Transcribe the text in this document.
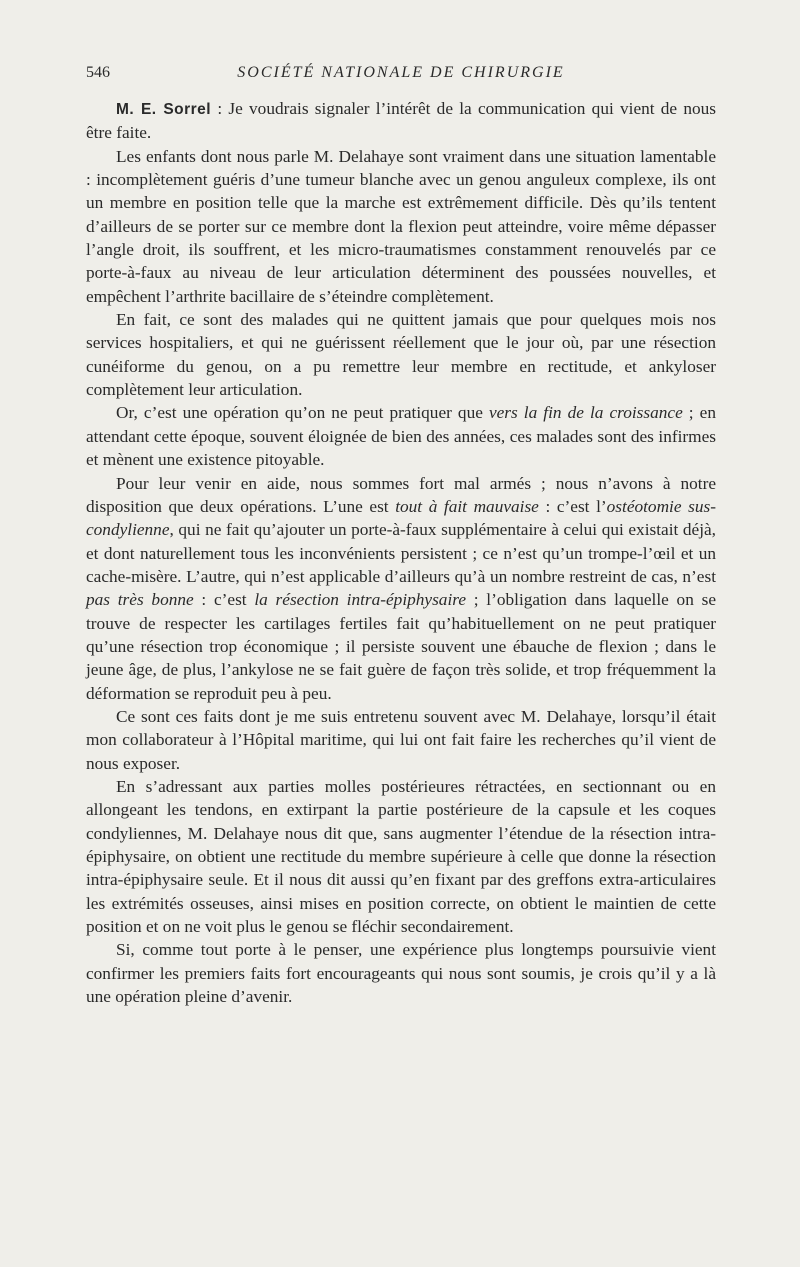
546	SOCIÉTÉ NATIONALE DE CHIRURGIE

M. E. Sorrel : Je voudrais signaler l’intérêt de la communication qui vient de nous être faite.

Les enfants dont nous parle M. Delahaye sont vraiment dans une situation lamentable : incomplètement guéris d’une tumeur blanche avec un genou anguleux complexe, ils ont un membre en position telle que la marche est extrêmement difficile. Dès qu’ils tentent d’ailleurs de se porter sur ce membre dont la flexion peut atteindre, voire même dépasser l’angle droit, ils souffrent, et les micro-traumatismes constamment renouvelés par ce porte-à-faux au niveau de leur articulation déterminent des poussées nouvelles, et empêchent l’arthrite bacillaire de s’éteindre complètement.

En fait, ce sont des malades qui ne quittent jamais que pour quelques mois nos services hospitaliers, et qui ne guérissent réellement que le jour où, par une résection cunéiforme du genou, on a pu remettre leur membre en rectitude, et ankyloser complètement leur articulation.

Or, c’est une opération qu’on ne peut pratiquer que vers la fin de la croissance ; en attendant cette époque, souvent éloignée de bien des années, ces malades sont des infirmes et mènent une existence pitoyable.

Pour leur venir en aide, nous sommes fort mal armés ; nous n’avons à notre disposition que deux opérations. L’une est tout à fait mauvaise : c’est l’ostéotomie sus-condylienne, qui ne fait qu’ajouter un porte-à-faux supplémentaire à celui qui existait déjà, et dont naturellement tous les inconvénients persistent ; ce n’est qu’un trompe-l’œil et un cache-misère. L’autre, qui n’est applicable d’ailleurs qu’à un nombre restreint de cas, n’est pas très bonne : c’est la résection intra-épiphysaire ; l’obligation dans laquelle on se trouve de respecter les cartilages fertiles fait qu’habituellement on ne peut pratiquer qu’une résection trop économique ; il persiste souvent une ébauche de flexion ; dans le jeune âge, de plus, l’ankylose ne se fait guère de façon très solide, et trop fréquemment la déformation se reproduit peu à peu.

Ce sont ces faits dont je me suis entretenu souvent avec M. Delahaye, lorsqu’il était mon collaborateur à l’Hôpital maritime, qui lui ont fait faire les recherches qu’il vient de nous exposer.

En s’adressant aux parties molles postérieures rétractées, en sectionnant ou en allongeant les tendons, en extirpant la partie postérieure de la capsule et les coques condyliennes, M. Delahaye nous dit que, sans augmenter l’étendue de la résection intra-épiphysaire, on obtient une rectitude du membre supérieure à celle que donne la résection intra-épiphysaire seule. Et il nous dit aussi qu’en fixant par des greffons extra-articulaires les extrémités osseuses, ainsi mises en position correcte, on obtient le maintien de cette position et on ne voit plus le genou se fléchir secondairement.

Si, comme tout porte à le penser, une expérience plus longtemps poursuivie vient confirmer les premiers faits fort encourageants qui nous sont soumis, je crois qu’il y a là une opération pleine d’avenir.
